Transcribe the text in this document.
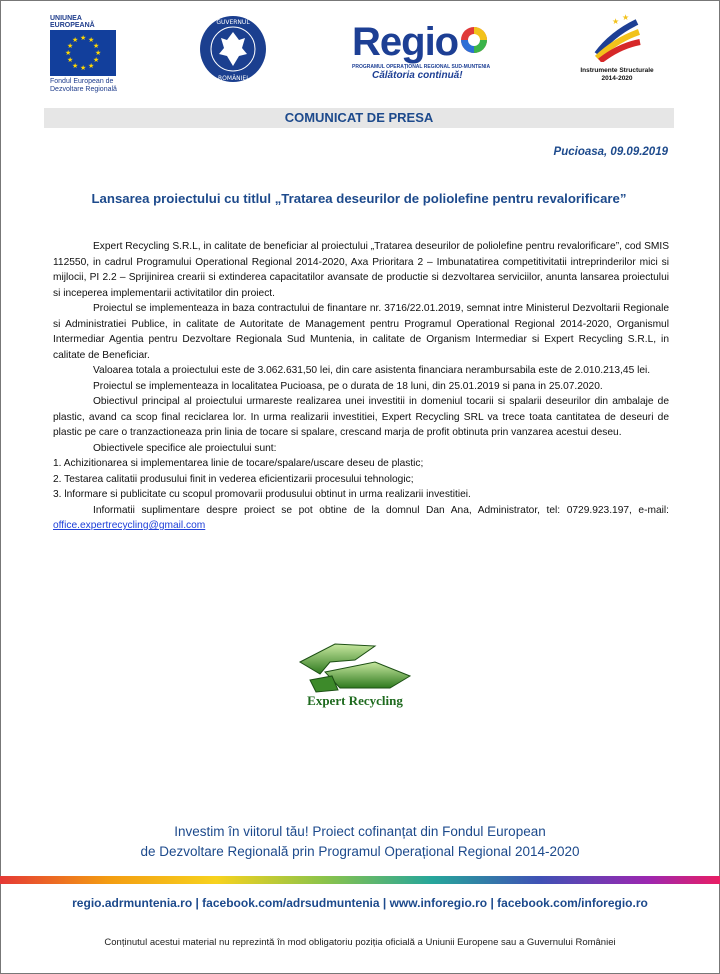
UNIUNEA EUROPEANĂ
★ ★
★
★
★
★
★
★
★
★
★
★
Fondul European de Dezvoltare Regională
GUVERNUL
ROMÂNIEI
Regio
PROGRAMUL OPERAȚIONAL REGIONAL SUD-MUNTENIA
Călătoria continuă!
★ ★
Instrumente Structurale
2014-2020
COMUNICAT DE PRESA
Pucioasa, 09.09.2019
Lansarea proiectului cu titlul „Tratarea deseurilor de poliolefine pentru revalorificare”

Expert Recycling S.R.L, in calitate de beneficiar al proiectului „Tratarea deseurilor de poliolefine pentru revalorificare”, cod SMIS 112550, in cadrul Programului Operational Regional 2014-2020, Axa Prioritara 2 – Imbunatatirea competitivitatii intreprinderilor mici si mijlocii, PI 2.2 – Sprijinirea crearii si extinderea capacitatilor avansate de productie si dezvoltarea serviciilor, anunta lansarea proiectului si inceperea implementarii activitatilor din proiect.

Proiectul se implementeaza in baza contractului de finantare nr. 3716/22.01.2019, semnat intre Ministerul Dezvoltarii Regionale si Administratiei Publice, in calitate de Autoritate de Management pentru Programul Operational Regional 2014-2020, Organismul Intermediar Agentia pentru Dezvoltare Regionala Sud Muntenia, in calitate de Organism Intermediar si Expert Recycling S.R.L, in calitate de Beneficiar.

Valoarea totala a proiectului este de 3.062.631,50 lei, din care asistenta financiara nerambursabila este de 2.010.213,45 lei.

Proiectul se implementeaza in localitatea Pucioasa, pe o durata de 18 luni, din 25.01.2019 si pana in 25.07.2020.

Obiectivul principal al proiectului urmareste realizarea unei investitii in domeniul tocarii si spalarii deseurilor din ambalaje de plastic, avand ca scop final reciclarea lor. In urma realizarii investitiei, Expert Recycling SRL va trece toata cantitatea de deseuri de plastic pe care o tranzactioneaza prin linia de tocare si spalare, crescand marja de profit obtinuta prin vanzarea acestui deseu.

Obiectivele specifice ale proiectului sunt:

1. Achizitionarea si implementarea linie de tocare/spalare/uscare deseu de plastic;

2. Testarea calitatii produsului finit in vederea eficientizarii procesului tehnologic;

3. lnformare si publicitate cu scopul promovarii produsului obtinut in urma realizarii investitiei.

Informatii suplimentare despre proiect se pot obtine de la domnul Dan Ana, Administrator, tel: 0729.923.197, e-mail: office.expertrecycling@gmail.com

Expert Recycling
Investim în viitorul tău! Proiect cofinanțat din Fondul European
de Dezvoltare Regională prin Programul Operațional Regional 2014-2020
regio.adrmuntenia.ro | facebook.com/adrsudmuntenia | www.inforegio.ro | facebook.com/inforegio.ro
Conținutul acestui material nu reprezintă în mod obligatoriu poziția oficială a Uniunii Europene sau a Guvernului României
